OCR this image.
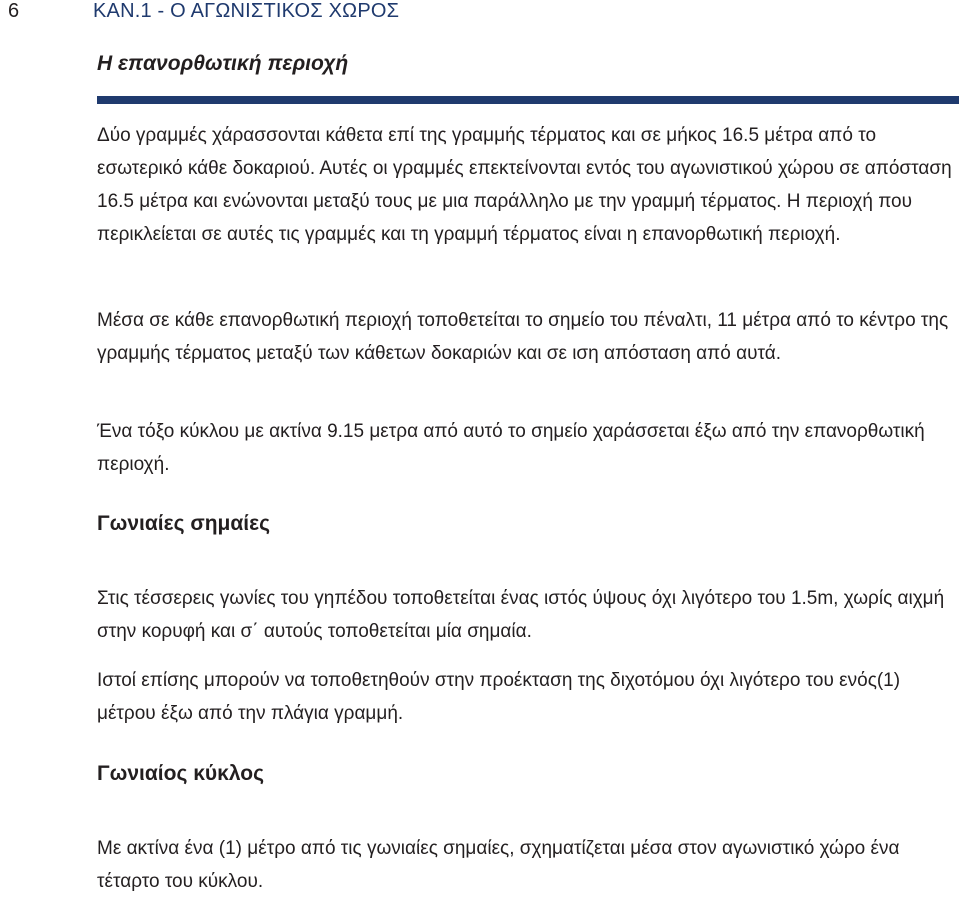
6	ΚΑΝ.1 - Ο ΑΓΩΝΙΣΤΙΚΟΣ ΧΩΡΟΣ
Η επανορθωτική περιοχή

Δύο γραμμές χάρασσονται κάθετα επί της γραμμής τέρματος και σε μήκος 16.5 μέτρα από το εσωτερικό κάθε δοκαριού. Αυτές οι γραμμές επεκτείνονται εντός του αγωνιστικού χώρου σε απόσταση 16.5 μέτρα και ενώνονται μεταξύ τους με μια παράλληλο με την γραμμή τέρματος. Η περιοχή που περικλείεται σε αυτές τις γραμμές και τη γραμμή τέρματος είναι η επανορθωτική περιοχή.

Μέσα σε κάθε επανορθωτική περιοχή τοποθετείται το σημείο του πέναλτι, 11 μέτρα από το κέντρο της γραμμής τέρματος μεταξύ των κάθετων δοκαριών και σε ιση απόσταση από αυτά.

Ένα τόξο κύκλου με ακτίνα 9.15 μετρα από αυτό το σημείο χαράσσεται έξω από την επανορθωτική περιοχή.

Γωνιαίες σημαίες

Στις τέσσερεις γωνίες του γηπέδου τοποθετείται ένας ιστός ύψους όχι λιγότερο του 1.5m, χωρίς αιχμή στην κορυφή και σ΄ αυτούς τοποθετείται μία σημαία.

Ιστοί επίσης μπορούν να τοποθετηθούν στην προέκταση της διχοτόμου όχι λιγότερο του ενός(1) μέτρου έξω από την πλάγια γραμμή.

Γωνιαίος κύκλος

Με ακτίνα ένα (1) μέτρο από τις γωνιαίες σημαίες, σχηματίζεται μέσα στον αγωνιστικό χώρο ένα τέταρτο του κύκλου.
